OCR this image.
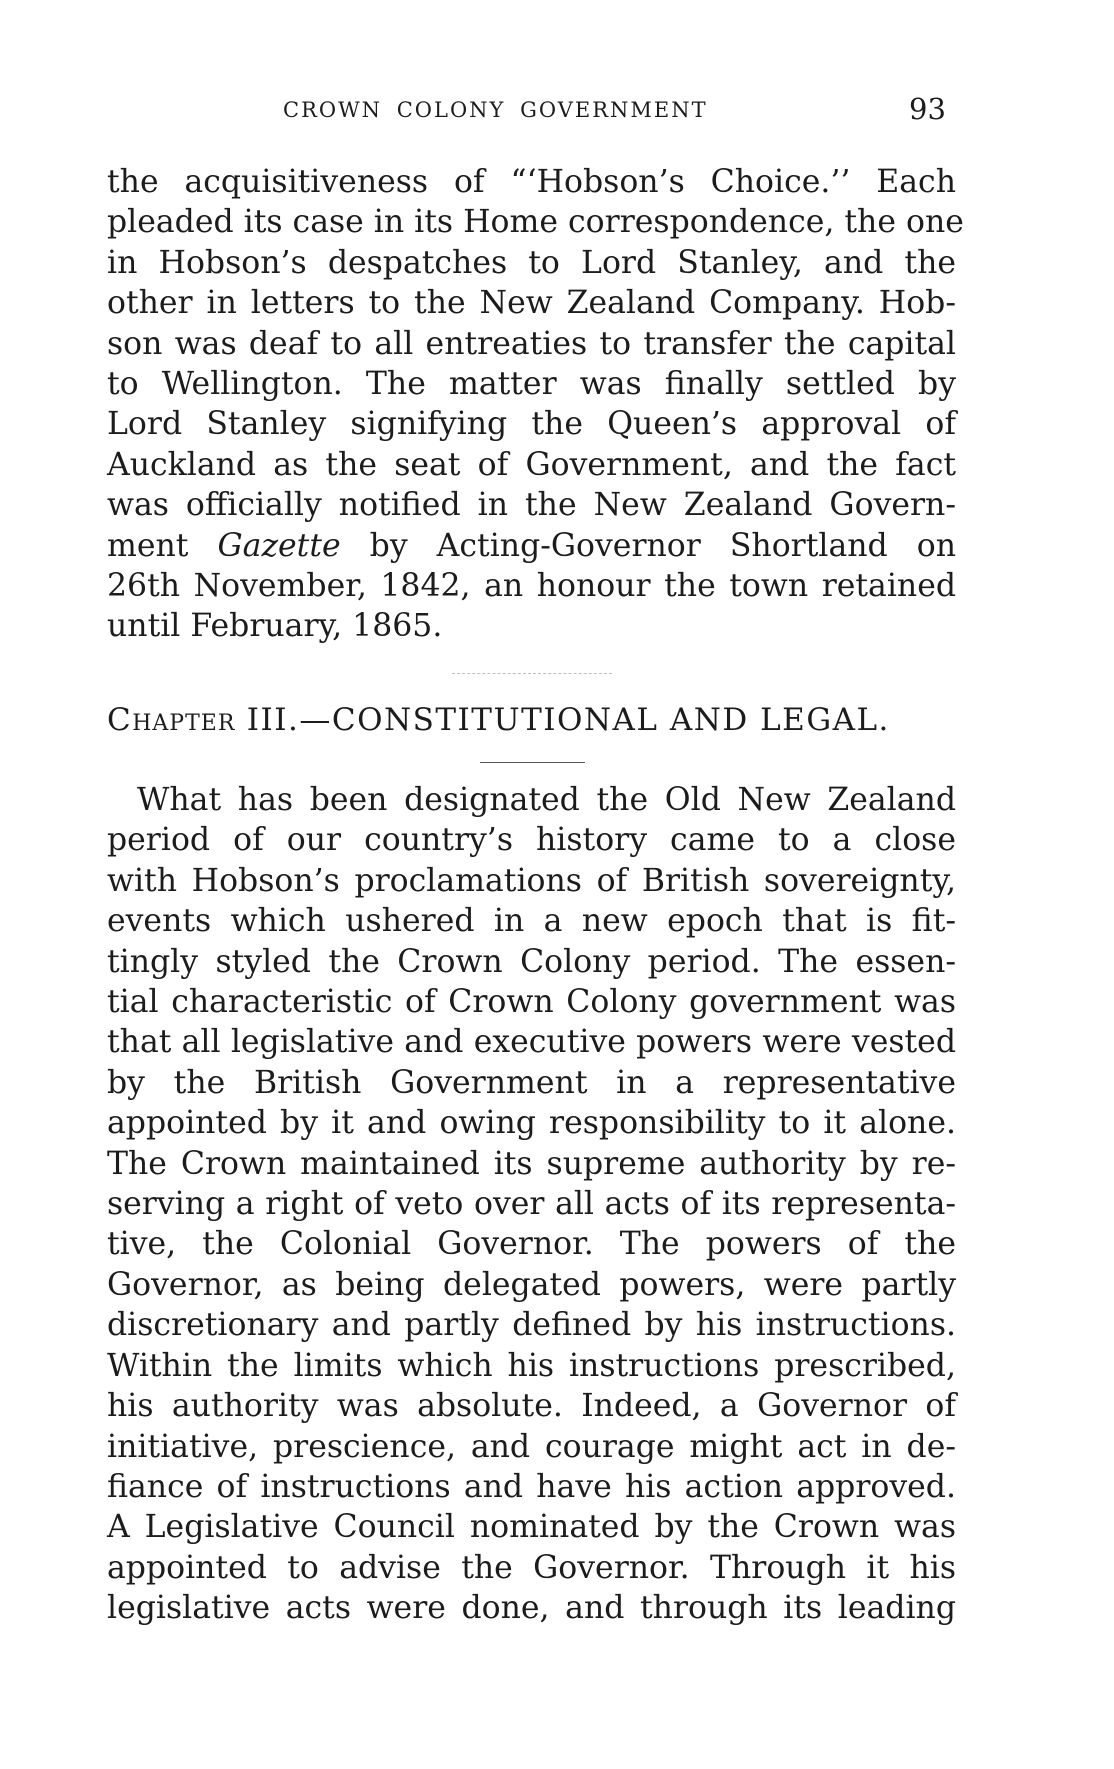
CROWN COLONY GOVERNMENT	93
the acquisitiveness of “‘Hobson’s Choice.’’ Each
pleaded its case in its Home correspondence, the one
in Hobson’s despatches to Lord Stanley, and the
other in letters to the New Zealand Company. Hob-
son was deaf to all entreaties to transfer the capital
to Wellington. The matter was finally settled by
Lord Stanley signifying the Queen’s approval of
Auckland as the seat of Government, and the fact
was officially notified in the New Zealand Govern-
ment Gazette by Acting-Governor Shortland on
26th November, 1842, an honour the town retained
until February, 1865.
CHAPTER III.—CONSTITUTIONAL AND LEGAL.
What has been designated the Old New Zealand
period of our country’s history came to a close
with Hobson’s proclamations of British sovereignty,
events which ushered in a new epoch that is fit-
tingly styled the Crown Colony period. The essen-
tial characteristic of Crown Colony government was
that all legislative and executive powers were vested
by the British Government in a representative
appointed by it and owing responsibility to it alone.
The Crown maintained its supreme authority by re-
serving a right of veto over all acts of its representa-
tive, the Colonial Governor. The powers of the
Governor, as being delegated powers, were partly
discretionary and partly defined by his instructions.
Within the limits which his instructions prescribed,
his authority was absolute. Indeed, a Governor of
initiative, prescience, and courage might act in de-
fiance of instructions and have his action approved.
A Legislative Council nominated by the Crown was
appointed to advise the Governor. Through it his
legislative acts were done, and through its leading
